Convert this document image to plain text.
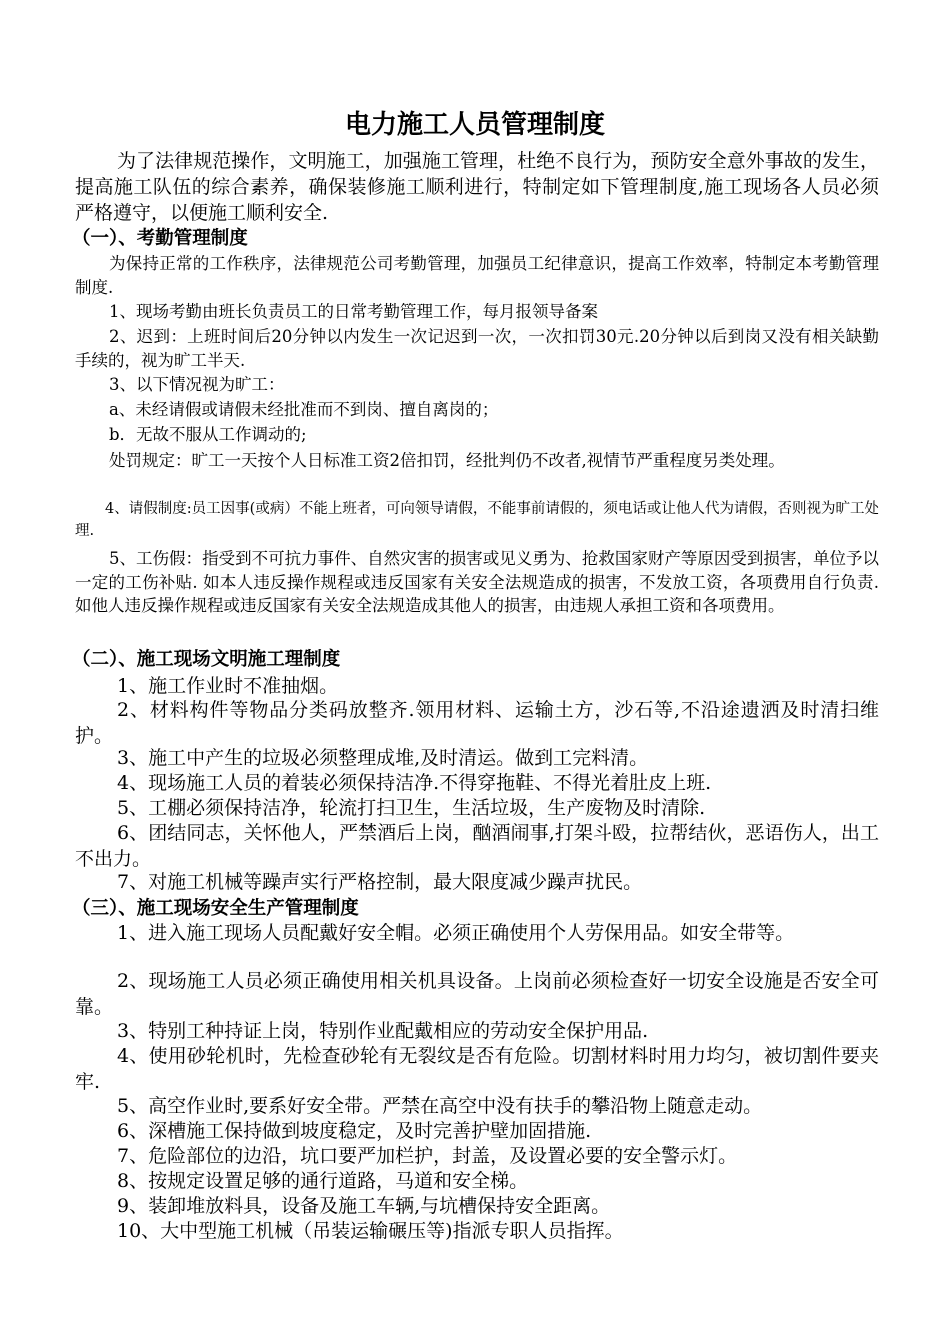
电力施工人员管理制度

为了法律规范操作，文明施工，加强施工管理，杜绝不良行为，预防安全意外事故的发生，提高施工队伍的综合素养，确保装修施工顺利进行，特制定如下管理制度,施工现场各人员必须严格遵守，以便施工顺利安全.

（一）、考勤管理制度

为保持正常的工作秩序，法律规范公司考勤管理，加强员工纪律意识，提高工作效率，特制定本考勤管理制度.

1、现场考勤由班长负责员工的日常考勤管理工作，每月报领导备案

2、迟到：上班时间后20分钟以内发生一次记迟到一次，一次扣罚30元.20分钟以后到岗又没有相关缺勤手续的，视为旷工半天.

3、以下情况视为旷工：

a、未经请假或请假未经批准而不到岗、擅自离岗的；

b．无故不服从工作调动的;

处罚规定：旷工一天按个人日标准工资2倍扣罚，经批判仍不改者,视情节严重程度另类处理。

4、请假制度:员工因事(或病）不能上班者，可向领导请假，不能事前请假的，须电话或让他人代为请假，否则视为旷工处理.

5、工伤假：指受到不可抗力事件、自然灾害的损害或见义勇为、抢救国家财产等原因受到损害，单位予以一定的工伤补贴. 如本人违反操作规程或违反国家有关安全法规造成的损害，不发放工资，各项费用自行负责. 如他人违反操作规程或违反国家有关安全法规造成其他人的损害，由违规人承担工资和各项费用。

（二）、施工现场文明施工理制度

1、施工作业时不准抽烟。

2、材料构件等物品分类码放整齐.领用材料、运输土方，沙石等,不沿途遗洒及时清扫维护。

3、施工中产生的垃圾必须整理成堆,及时清运。做到工完料清。

4、现场施工人员的着装必须保持洁净.不得穿拖鞋、不得光着肚皮上班.

5、工棚必须保持洁净，轮流打扫卫生，生活垃圾，生产废物及时清除.

6、团结同志，关怀他人，严禁酒后上岗，酗酒闹事,打架斗殴，拉帮结伙，恶语伤人，出工不出力。

7、对施工机械等躁声实行严格控制，最大限度减少躁声扰民。

（三）、施工现场安全生产管理制度

1、进入施工现场人员配戴好安全帽。必须正确使用个人劳保用品。如安全带等。

2、现场施工人员必须正确使用相关机具设备。上岗前必须检查好一切安全设施是否安全可靠。

3、特别工种持证上岗，特别作业配戴相应的劳动安全保护用品.

4、使用砂轮机时，先检查砂轮有无裂纹是否有危险。切割材料时用力均匀，被切割件要夹牢.

5、高空作业时,要系好安全带。严禁在高空中没有扶手的攀沿物上随意走动。

6、深槽施工保持做到坡度稳定，及时完善护壁加固措施.

7、危险部位的边沿，坑口要严加栏护，封盖，及设置必要的安全警示灯。

8、按规定设置足够的通行道路，马道和安全梯。

9、装卸堆放料具，设备及施工车辆,与坑槽保持安全距离。

10、大中型施工机械（吊装运输碾压等)指派专职人员指挥。
